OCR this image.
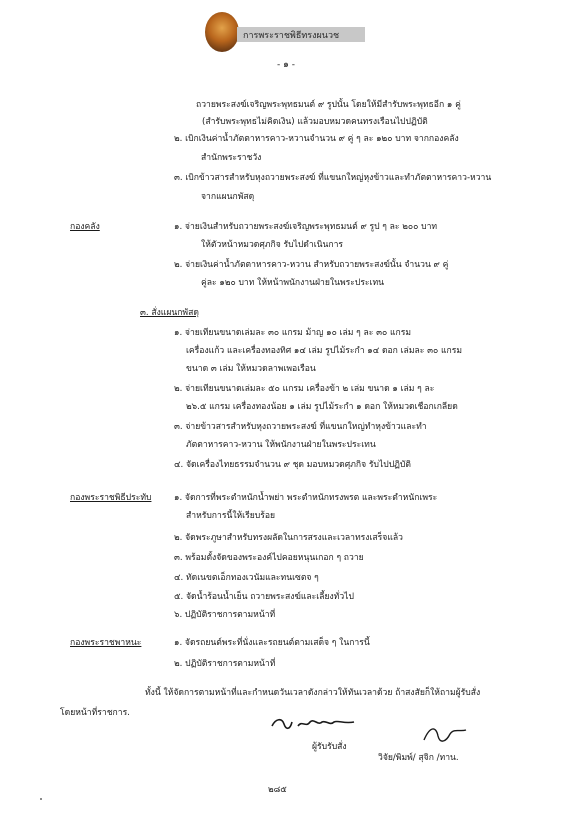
การพระราชพิธีทรงผนวช
- ๑ -
ถวายพระสงฆ์เจริญพระพุทธมนต์ ๙ รูปนั้น โดยให้มีสำรับพระพุทธอีก ๑ คู่
(สำรับพระพุทธไม่คิดเงิน) แล้วมอบหมวดคนทรงเรือนไปปฏิบัติ
๒. เบิกเงินค่าน้ำภัตตาหารคาว-หวานจำนวน ๙ คู่ ๆ ละ ๑๒๐ บาท จากกองคลัง
สำนักพระราชวัง
๓. เบิกข้าวสารสำหรับหุงถวายพระสงฆ์ ที่แขนกใหญ่หุงข้าวและทำภัตตาหารคาว-หวาน
จากแผนกพัสดุ
กองคลัง	๑. จ่ายเงินสำหรับถวายพระสงฆ์เจริญพระพุทธมนต์ ๙ รูป ๆ ละ ๒๐๐ บาท
ให้ตัวหน้าหมวดศุภกิจ รับไปดำเนินการ
๒. จ่ายเงินค่าน้ำภัตตาหารคาว-หวาน สำหรับถวายพระสงฆ์นั้น จำนวน ๙ คู่
คู่ละ ๑๒๐ บาท ให้หน้าพนักงานฝ่ายในพระประเทน
๓. สั่งแผนกพัสดุ
๑. จ่ายเทียนขนาดเล่มละ ๓๐ แกรม ม้าญ ๑๐ เล่ม ๆ ละ ๓๐ แกรม
เครื่องแก้ว และเครื่องทองทิศ ๑๔ เล่ม รูปไม้ระกำ ๑๔ ดอก เล่มละ ๓๐ แกรม
ขนาด ๓ เล่ม ให้หมวดลาพเพอเรือน
๒. จ่ายเทียนขนาดเล่มละ ๕๐ แกรม เครื่องข้า ๒ เล่ม ขนาด ๑ เล่ม ๆ ละ
๒๖.๕ แกรม เครื่องทองน้อย ๑ เล่ม รูปไม้ระกำ ๑ ดอก ให้หมวดเชือกเกลียด
๓. จ่ายข้าวสารสำหรับหุงถวายพระสงฆ์ ที่แขนกใหญ่ทำหุงข้าวและทำ
ภัตตาหารคาว-หวาน ให้พนักงานฝ่ายในพระประเทน
๔. จัดเครื่องไทยธรรมจำนวน ๙ ชุด มอบหมวดศุภกิจ รับไปปฏิบัติ
กองพระราชพิธีประทับ	๑. จัดการที่พระตำหนักน้ำพย่า พระตำหนักทรงพรต และพระตำหนักเพระ
สำหรับการนี้ให้เรียบร้อย
๒. จัดพระภูษาสำหรับทรงผลัดในการสรงและเวลาทรงเสร็จแล้ว
๓. พร้อมตั้งจัดของพระองค์ไปคอยหนุนเกอก ๆ ถวาย
๔. ทัดเนขตเอ็กทองเวนัมและทนเซตจ ๆ
๕. จัดน้ำร้อนน้ำเย็น ถวายพระสงฆ์และเลี้ยงทั่วไป
๖. ปฏิบัติราชการตามหน้าที่
กองพระราชพาหนะ	๑. จัดรถยนต์พระที่นั่งและรถยนต์ตามเสด็จ ๆ ในการนี้
๒. ปฏิบัติราชการตามหน้าที่
ทั้งนี้ ให้จัดการตามหน้าที่และกำหนดวันเวลาดังกล่าวให้ทันเวลาด้วย ถ้าสงสัยก็ให้ถามผู้รับสั่ง
โดยหน้าที่ราชการ.
ผู้รับรับสั่ง
วิจัย/พิมพ์/ สุจิก /ทาน.
๒๘๕
